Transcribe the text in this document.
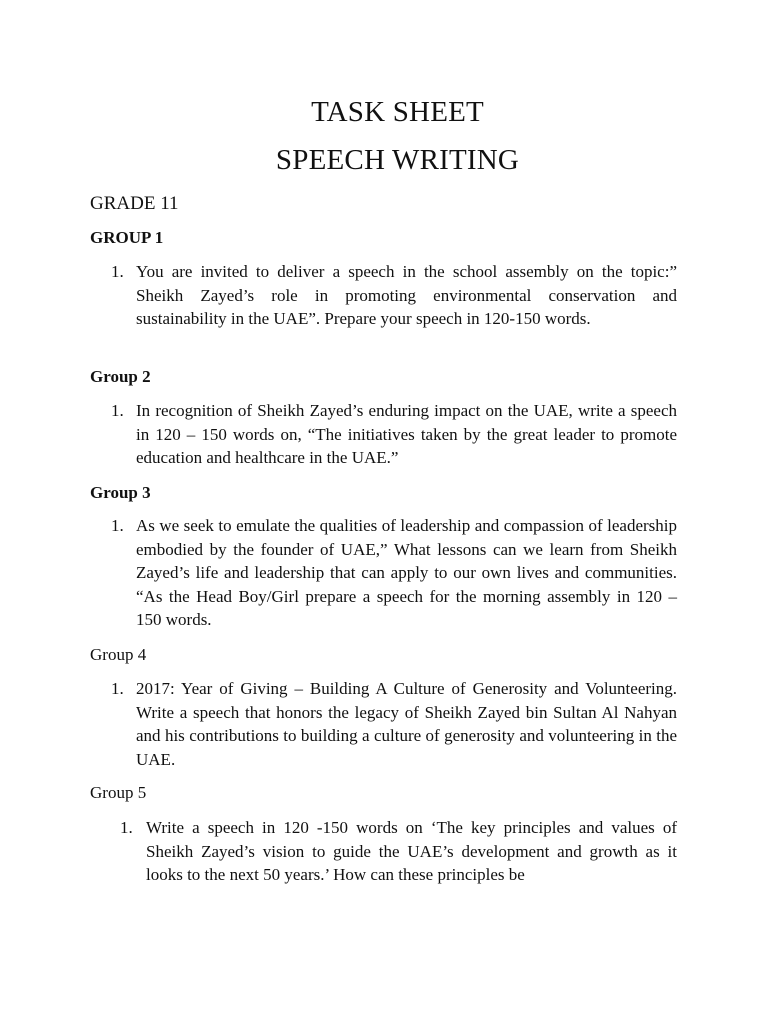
TASK SHEET
SPEECH WRITING
GRADE 11
GROUP 1
1. You are invited to deliver a speech in the school assembly on the topic:” Sheikh Zayed’s role in promoting environmental conservation and sustainability in the UAE”. Prepare your speech in 120-150 words.
Group 2
1. In recognition of Sheikh Zayed’s enduring impact on the UAE, write a speech in 120 – 150 words on, “The initiatives taken by the great leader to promote education and healthcare in the UAE.”
Group 3
1. As we seek to emulate the qualities of leadership and compassion of leadership embodied by the founder of UAE,” What lessons can we learn from Sheikh Zayed’s life and leadership that can apply to our own lives and communities. “As the Head Boy/Girl prepare a speech for the morning assembly in 120 – 150 words.
Group 4
1. 2017: Year of Giving – Building A Culture of Generosity and Volunteering. Write a speech that honors the legacy of Sheikh Zayed bin Sultan Al Nahyan and his contributions to building a culture of generosity and volunteering in the UAE.
Group 5
1. Write a speech in 120 -150 words on ‘The key principles and values of Sheikh Zayed’s vision to guide the UAE’s development and growth as it looks to the next 50 years.’ How can these principles be
